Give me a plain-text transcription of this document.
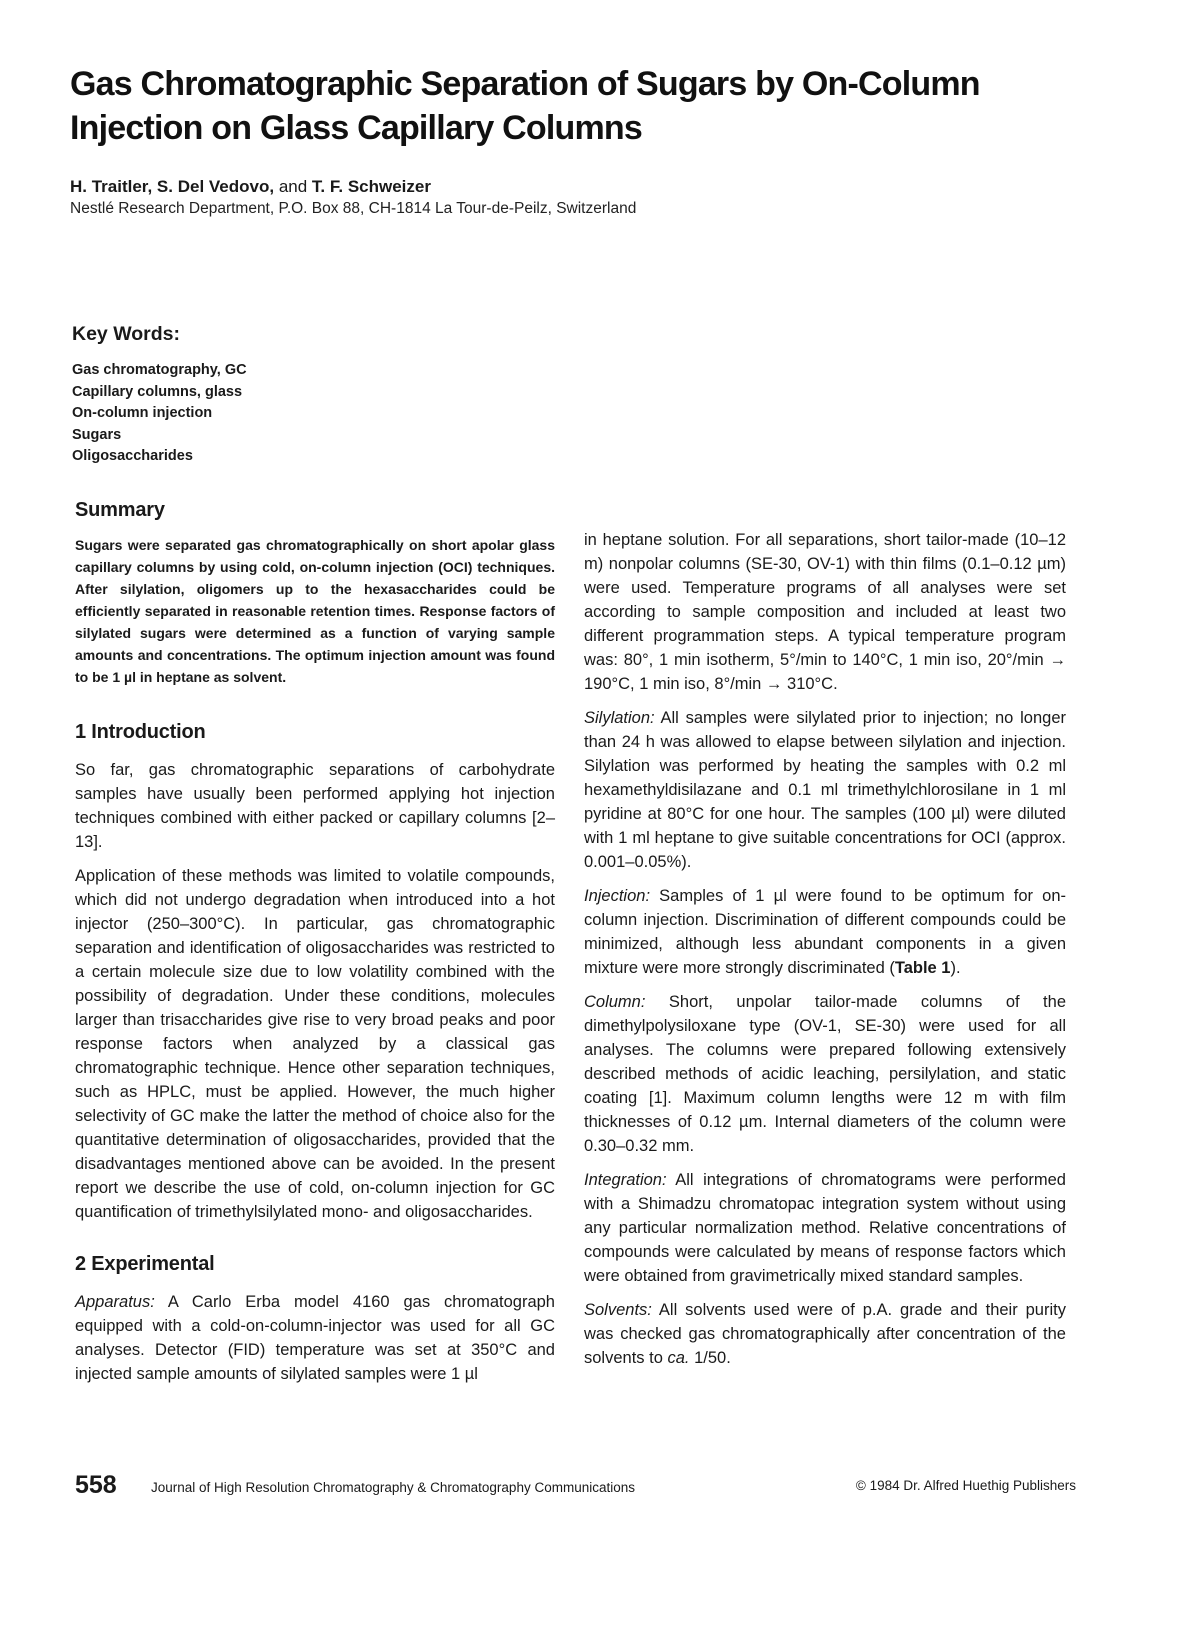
Gas Chromatographic Separation of Sugars by On-Column
Injection on Glass Capillary Columns
H. Traitler, S. Del Vedovo, and T. F. Schweizer
Nestlé Research Department, P.O. Box 88, CH-1814 La Tour-de-Peilz, Switzerland
Key Words:
Gas chromatography, GC
Capillary columns, glass
On-column injection
Sugars
Oligosaccharides
Summary

Sugars were separated gas chromatographically on short apolar glass capillary columns by using cold, on-column injection (OCI) techniques. After silylation, oligomers up to the hexasaccharides could be efficiently separated in reasonable retention times. Response factors of silylated sugars were determined as a function of varying sample amounts and concentrations. The optimum injection amount was found to be 1 µl in heptane as solvent.

1 Introduction

So far, gas chromatographic separations of carbohydrate samples have usually been performed applying hot injection techniques combined with either packed or capillary columns [2–13].

Application of these methods was limited to volatile compounds, which did not undergo degradation when introduced into a hot injector (250–300°C). In particular, gas chromatographic separation and identification of oligosaccharides was restricted to a certain molecule size due to low volatility combined with the possibility of degradation. Under these conditions, molecules larger than trisaccharides give rise to very broad peaks and poor response factors when analyzed by a classical gas chromatographic technique. Hence other separation techniques, such as HPLC, must be applied. However, the much higher selectivity of GC make the latter the method of choice also for the quantitative determination of oligosaccharides, provided that the disadvantages mentioned above can be avoided. In the present report we describe the use of cold, on-column injection for GC quantification of trimethylsilylated mono- and oligosaccharides.

2 Experimental

Apparatus: A Carlo Erba model 4160 gas chromatograph equipped with a cold-on-column-injector was used for all GC analyses. Detector (FID) temperature was set at 350°C and injected sample amounts of silylated samples were 1 µl

in heptane solution. For all separations, short tailor-made (10–12 m) nonpolar columns (SE-30, OV-1) with thin films (0.1–0.12 µm) were used. Temperature programs of all analyses were set according to sample composition and included at least two different programmation steps. A typical temperature program was: 80°, 1 min isotherm, 5°/min to 140°C, 1 min iso, 20°/min → 190°C, 1 min iso, 8°/min → 310°C.

Silylation: All samples were silylated prior to injection; no longer than 24 h was allowed to elapse between silylation and injection. Silylation was performed by heating the samples with 0.2 ml hexamethyldisilazane and 0.1 ml trimethylchlorosilane in 1 ml pyridine at 80°C for one hour. The samples (100 µl) were diluted with 1 ml heptane to give suitable concentrations for OCI (approx. 0.001–0.05%).

Injection: Samples of 1 µl were found to be optimum for on-column injection. Discrimination of different compounds could be minimized, although less abundant components in a given mixture were more strongly discriminated (Table 1).

Column: Short, unpolar tailor-made columns of the dimethylpolysiloxane type (OV-1, SE-30) were used for all analyses. The columns were prepared following extensively described methods of acidic leaching, persilylation, and static coating [1]. Maximum column lengths were 12 m with film thicknesses of 0.12 µm. Internal diameters of the column were 0.30–0.32 mm.

Integration: All integrations of chromatograms were performed with a Shimadzu chromatopac integration system without using any particular normalization method. Relative concentrations of compounds were calculated by means of response factors which were obtained from gravimetrically mixed standard samples.

Solvents: All solvents used were of p.A. grade and their purity was checked gas chromatographically after concentration of the solvents to ca. 1/50.

558	Journal of High Resolution Chromatography & Chromatography Communications	© 1984 Dr. Alfred Huethig Publishers
